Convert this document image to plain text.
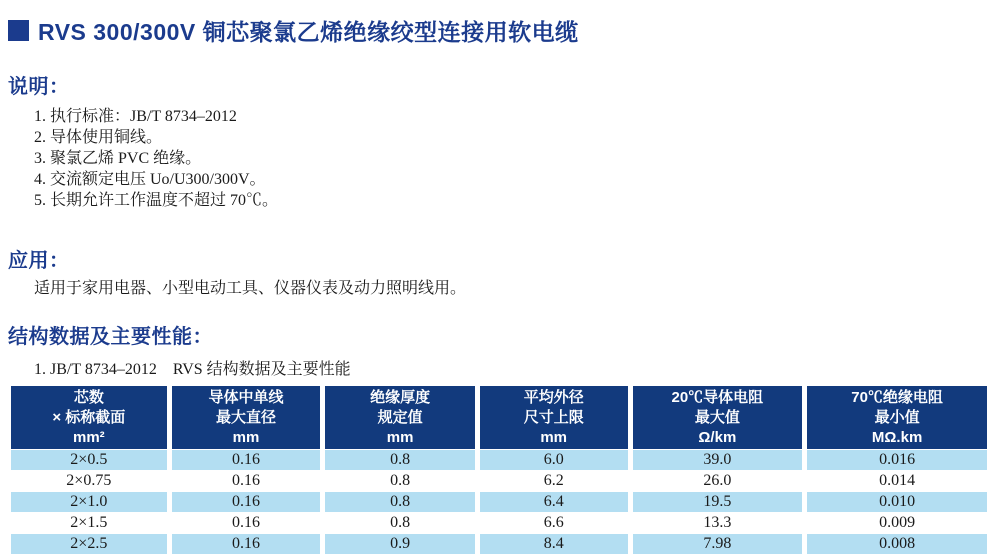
RVS 300/300V 铜芯聚氯乙烯绝缘绞型连接用软电缆
说明：
1. 执行标准：JB/T 8734–2012
2. 导体使用铜线。
3. 聚氯乙烯 PVC 绝缘。
4. 交流额定电压 Uo/U300/300V。
5. 长期允许工作温度不超过 70℃。
应用：
适用于家用电器、小型电动工具、仪器仪表及动力照明线用。
结构数据及主要性能：
1. JB/T 8734–2012　RVS 结构数据及主要性能
芯数
× 标称截面
mm²

导体中单线
最大直径
mm

绝缘厚度
规定值
mm

平均外径
尺寸上限
mm

20℃导体电阻
最大值
Ω/km

70℃绝缘电阻
最小值
MΩ.km

2×0.5	0.16	0.8	6.0	39.0	0.016
2×0.75	0.16	0.8	6.2	26.0	0.014
2×1.0	0.16	0.8	6.4	19.5	0.010
2×1.5	0.16	0.8	6.6	13.3	0.009
2×2.5	0.16	0.9	8.4	7.98	0.008
